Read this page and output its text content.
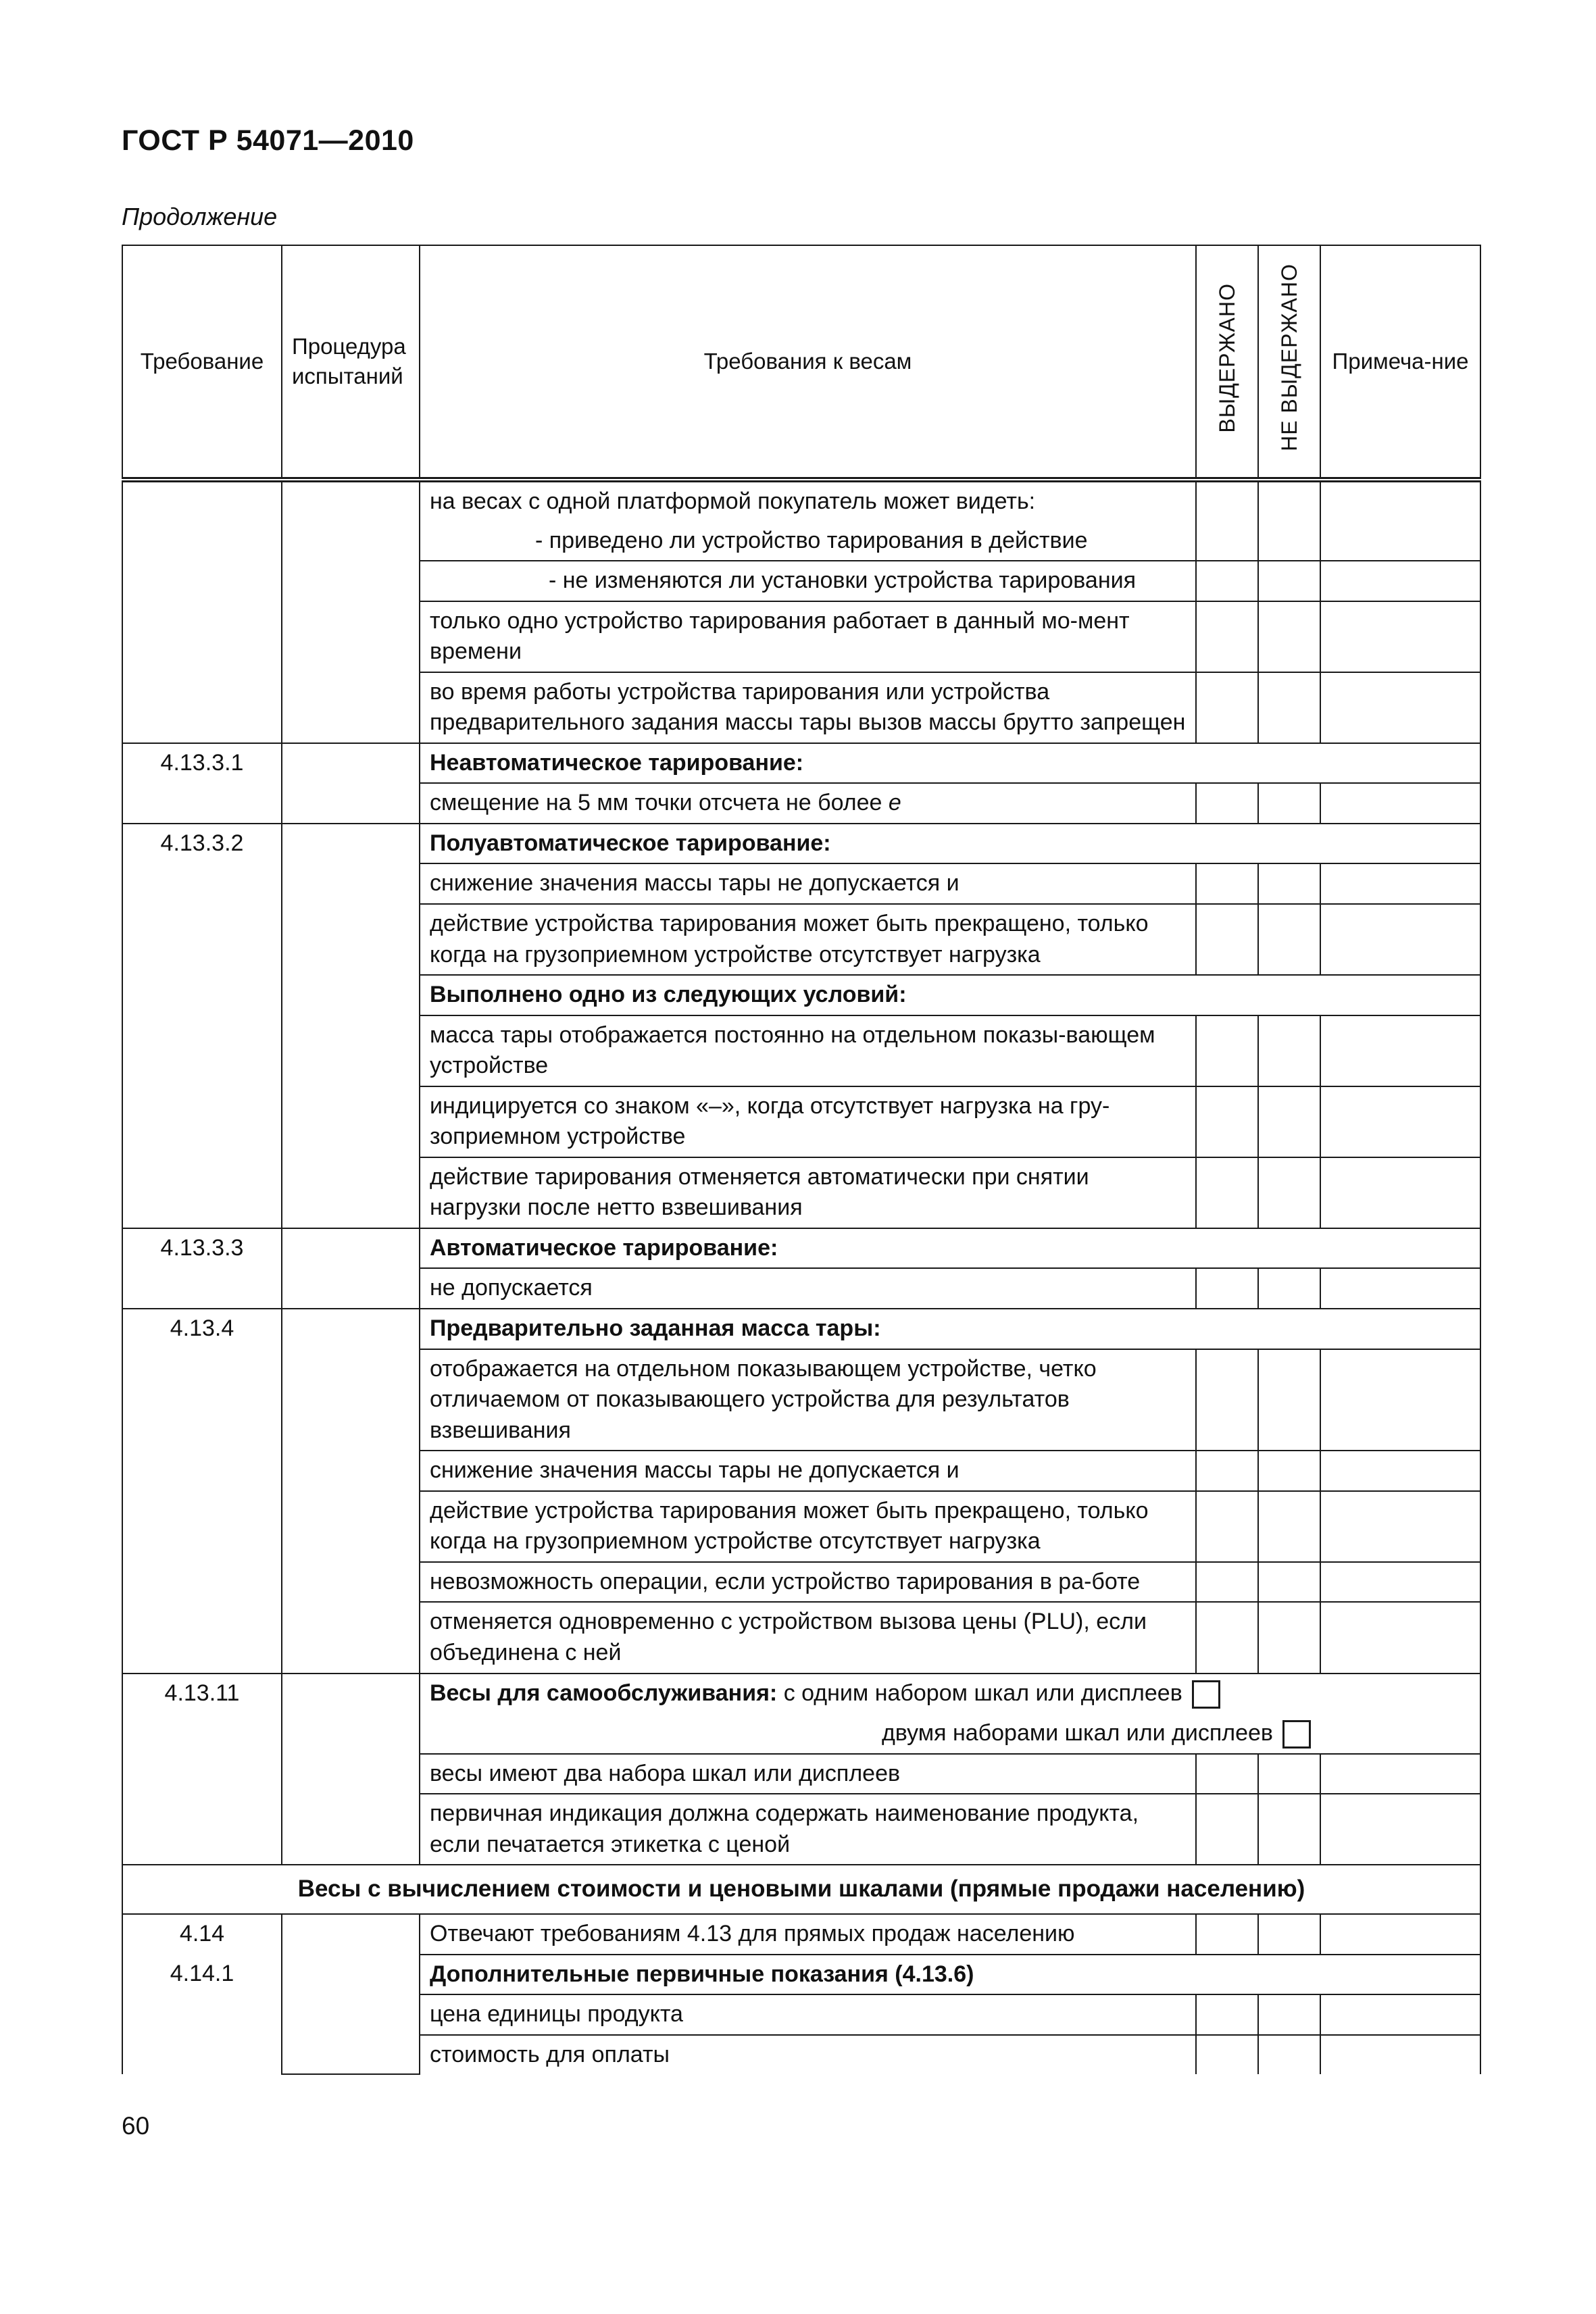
ГОСТ Р 54071—2010
Продолжение
Требование	Процедура испытаний	Требования к весам	ВЫДЕРЖАНО	НЕ ВЫДЕРЖАНО	Примеча-ние
		на весах с одной платформой покупатель может видеть:			
		- приведено ли устройство тарирования в действие			
		- не изменяются ли установки устройства тарирования			
		только одно устройство тарирования работает в данный мо-мент времени			
		во время работы устройства тарирования или устройства предварительного задания массы тары вызов массы брутто запрещен			
4.13.3.1		Неавтоматическое тарирование:			
		смещение на 5 мм точки отсчета не более e			
4.13.3.2		Полуавтоматическое тарирование:			
		снижение значения массы тары не допускается и			
		действие устройства тарирования может быть прекращено, только когда на грузоприемном устройстве отсутствует нагрузка			
		Выполнено одно из следующих условий:			
		масса тары отображается постоянно на отдельном показы-вающем устройстве			
		индицируется со знаком «–», когда отсутствует нагрузка на гру-зоприемном устройстве			
		действие тарирования отменяется автоматически при снятии нагрузки после нетто взвешивания			
4.13.3.3		Автоматическое тарирование:			
		не допускается			
4.13.4		Предварительно заданная масса тары:			
		отображается на отдельном показывающем устройстве, четко отличаемом от показывающего устройства для результатов взвешивания			
		снижение значения массы тары не допускается и			
		действие устройства тарирования может быть прекращено, только когда на грузоприемном устройстве отсутствует нагрузка			
		невозможность операции, если устройство тарирования в ра-боте			
		отменяется одновременно с устройством вызова цены (PLU), если объединена с ней			
4.13.11		Весы для самообслуживания: с одним набором шкал или дисплеев
двумя наборами шкал или дисплеев			

		весы имеют два набора шкал или дисплеев			
		первичная индикация должна содержать наименование продукта, если печатается этикетка с ценой			
Весы с вычислением стоимости и ценовыми шкалами (прямые продажи населению)					
4.14		Отвечают требованиям 4.13 для прямых продаж населению			
4.14.1		Дополнительные первичные показания (4.13.6)			
		цена единицы продукта			
		стоимость для оплаты			
60
